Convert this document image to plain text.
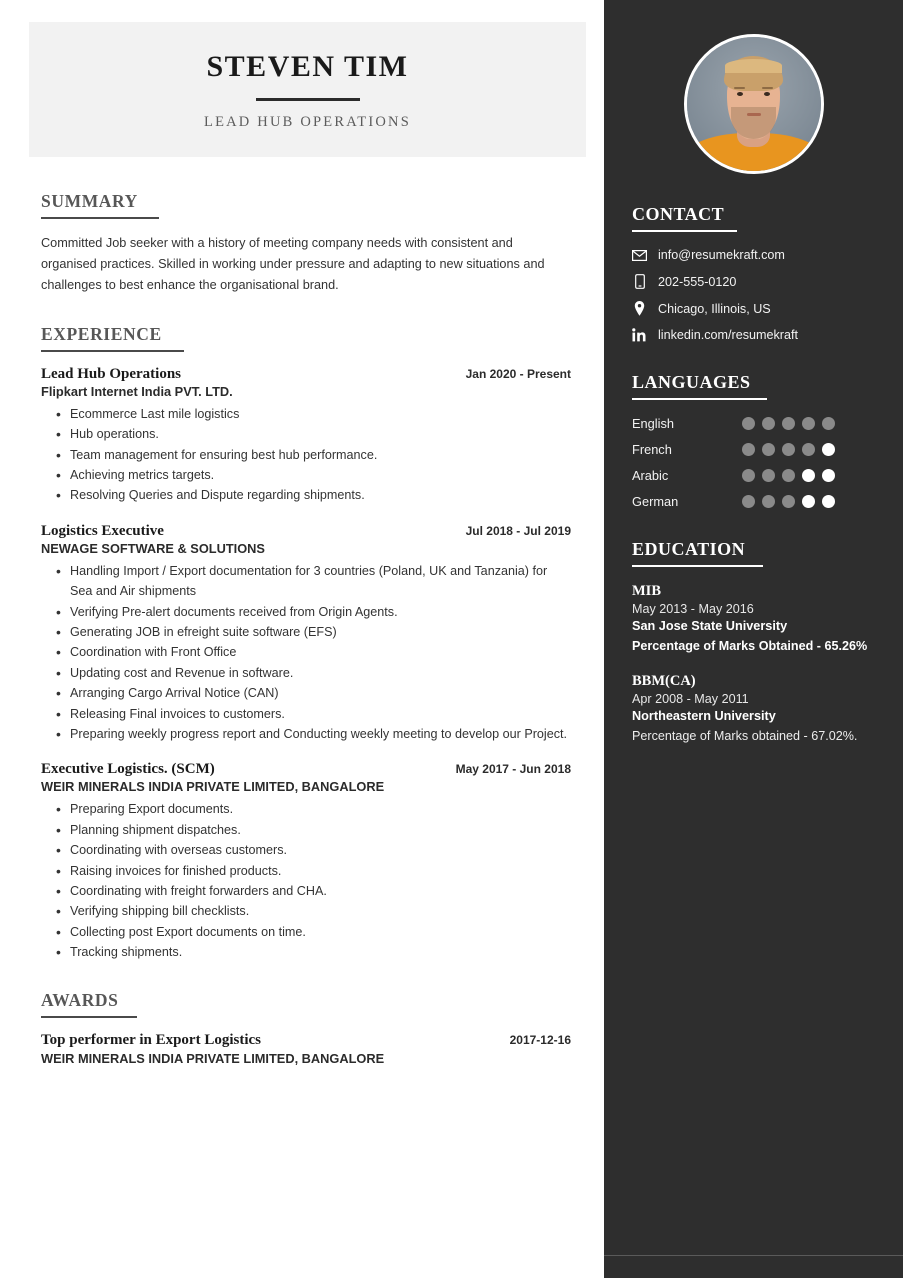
STEVEN TIM
LEAD HUB OPERATIONS
SUMMARY
Committed Job seeker with a history of meeting company needs with consistent and organised practices. Skilled in working under pressure and adapting to new situations and challenges to best enhance the organisational brand.
EXPERIENCE
Lead Hub Operations	Jan 2020 - Present
Flipkart Internet India PVT. LTD.
• Ecommerce Last mile logistics
• Hub operations.
• Team management for ensuring best hub performance.
• Achieving metrics targets.
• Resolving Queries and Dispute regarding shipments.
Logistics Executive	Jul 2018 - Jul 2019
NEWAGE SOFTWARE & SOLUTIONS
• Handling Import / Export documentation for 3 countries (Poland, UK and Tanzania) for Sea and Air shipments
• Verifying Pre-alert documents received from Origin Agents.
• Generating JOB in efreight suite software (EFS)
• Coordination with Front Office
• Updating cost and Revenue in software.
• Arranging Cargo Arrival Notice (CAN)
• Releasing Final invoices to customers.
• Preparing weekly progress report and Conducting weekly meeting to develop our Project.
Executive Logistics. (SCM)	May 2017 - Jun 2018
WEIR MINERALS INDIA PRIVATE LIMITED, BANGALORE
• Preparing Export documents.
• Planning shipment dispatches.
• Coordinating with overseas customers.
• Raising invoices for finished products.
• Coordinating with freight forwarders and CHA.
• Verifying shipping bill checklists.
• Collecting post Export documents on time.
• Tracking shipments.
AWARDS
Top performer in Export Logistics	2017-12-16
WEIR MINERALS INDIA PRIVATE LIMITED, BANGALORE
CONTACT
info@resumekraft.com
202-555-0120
Chicago, Illinois, US
linkedin.com/resumekraft
LANGUAGES
English
French
Arabic
German
EDUCATION
MIB
May 2013 - May 2016
San Jose State University
Percentage of Marks Obtained - 65.26%
BBM(CA)
Apr 2008 - May 2011
Northeastern University
Percentage of Marks obtained - 67.02%.
